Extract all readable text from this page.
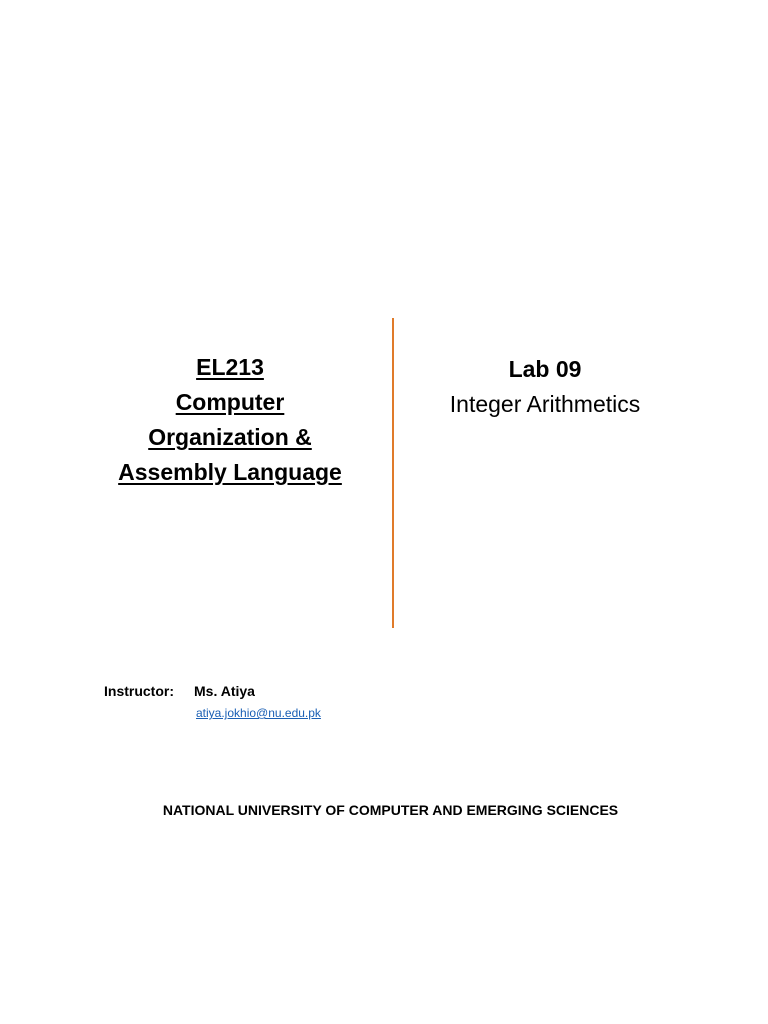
EL213
Computer
Organization &
Assembly Language
Lab 09
Integer Arithmetics
Instructor: Ms. Atiya
atiya.jokhio@nu.edu.pk
NATIONAL UNIVERSITY OF COMPUTER AND EMERGING SCIENCES
